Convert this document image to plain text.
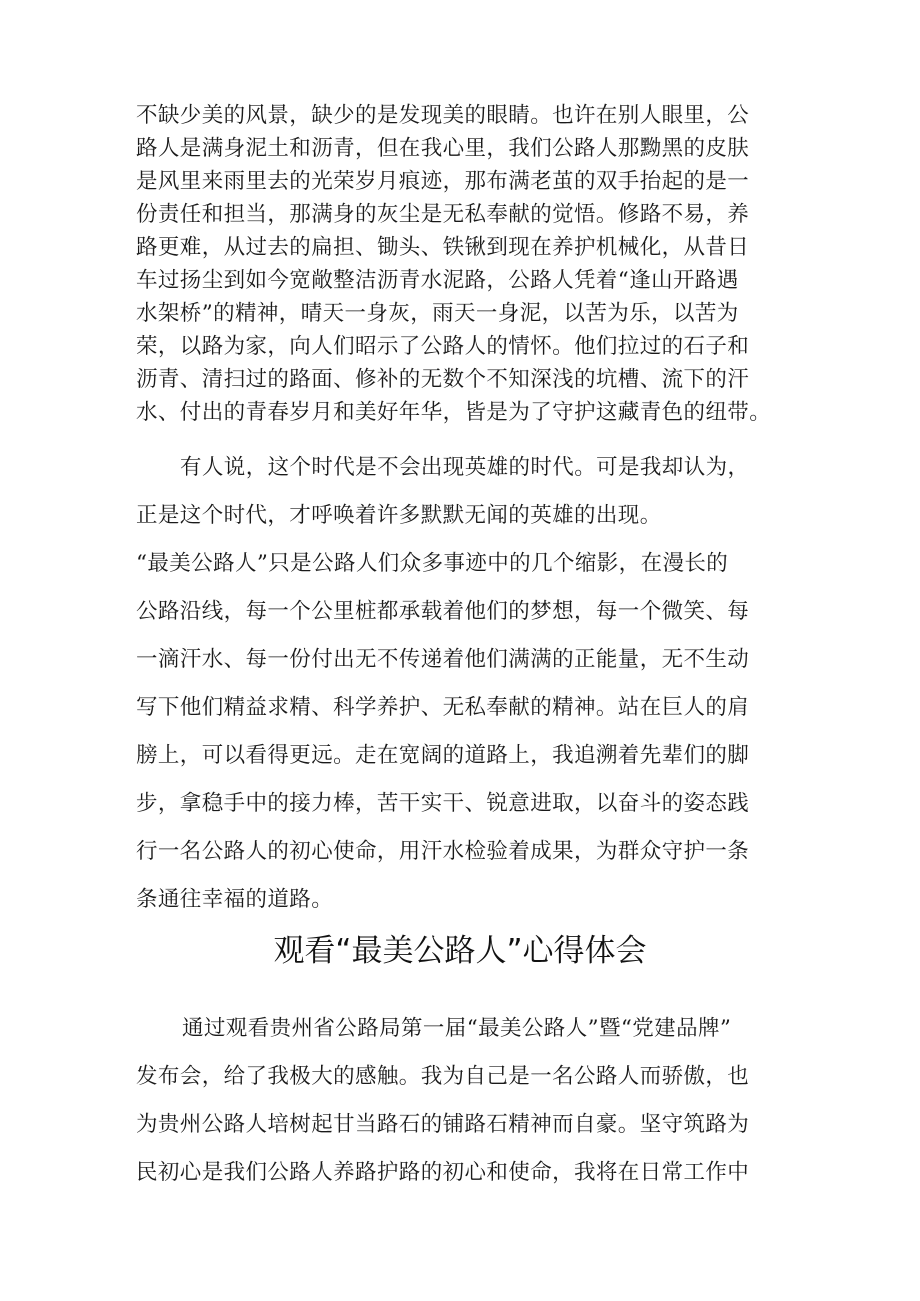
不缺少美的风景，缺少的是发现美的眼睛。也许在别人眼里，公
路人是满身泥土和沥青，但在我心里，我们公路人那黝黑的皮肤
是风里来雨里去的光荣岁月痕迹，那布满老茧的双手抬起的是一
份责任和担当，那满身的灰尘是无私奉献的觉悟。修路不易，养
路更难，从过去的扁担、锄头、铁锹到现在养护机械化，从昔日
车过扬尘到如今宽敞整洁沥青水泥路，公路人凭着“逢山开路遇
水架桥”的精神，晴天一身灰，雨天一身泥，以苦为乐，以苦为
荣，以路为家，向人们昭示了公路人的情怀。他们拉过的石子和
沥青、清扫过的路面、修补的无数个不知深浅的坑槽、流下的汗
水、付出的青春岁月和美好年华，皆是为了守护这藏青色的纽带。
有人说，这个时代是不会出现英雄的时代。可是我却认为，
正是这个时代，才呼唤着许多默默无闻的英雄的出现。
“最美公路人”只是公路人们众多事迹中的几个缩影，在漫长的
公路沿线，每一个公里桩都承载着他们的梦想，每一个微笑、每
一滴汗水、每一份付出无不传递着他们满满的正能量，无不生动
写下他们精益求精、科学养护、无私奉献的精神。站在巨人的肩
膀上，可以看得更远。走在宽阔的道路上，我追溯着先辈们的脚
步，拿稳手中的接力棒，苦干实干、锐意进取，以奋斗的姿态践
行一名公路人的初心使命，用汗水检验着成果，为群众守护一条
条通往幸福的道路。
观看“最美公路人”心得体会
通过观看贵州省公路局第一届“最美公路人”暨“党建品牌”
发布会，给了我极大的感触。我为自己是一名公路人而骄傲，也
为贵州公路人培树起甘当路石的铺路石精神而自豪。坚守筑路为
民初心是我们公路人养路护路的初心和使命，我将在日常工作中
